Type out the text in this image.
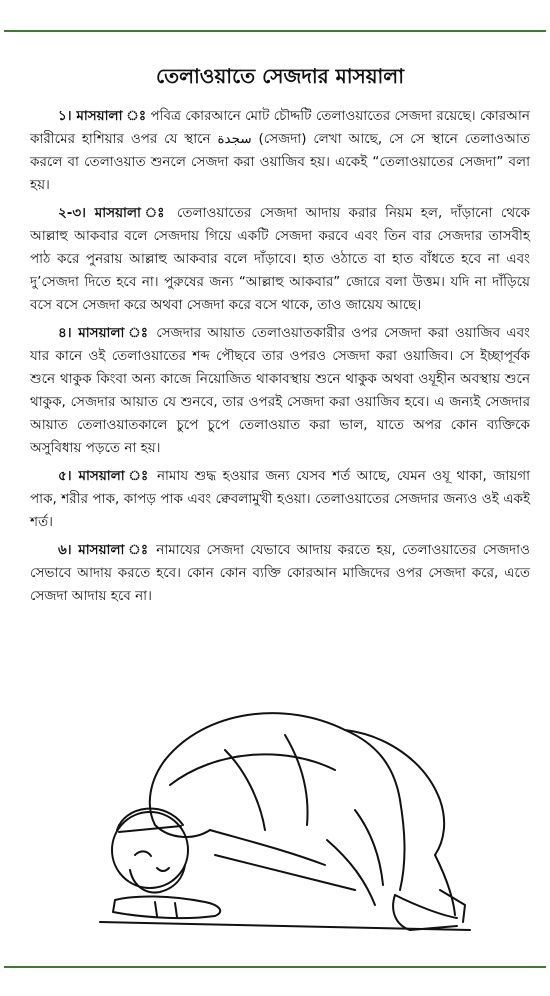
তেলাওয়াতে সেজদার মাসয়ালা

১। মাসয়ালা ঃ পবিত্র কোরআনে মোট চৌদ্দটি তেলাওয়াতের সেজদা রয়েছে। কোরআন কারীমের হাশিয়ার ওপর যে স্থানে سجدة (সেজদা) লেখা আছে, সে সে স্থানে তেলাওআত করলে বা তেলাওয়াত শুনলে সেজদা করা ওয়াজিব হয়। একেই “তেলাওয়াতের সেজদা” বলা হয়।

২-৩। মাসয়ালা ঃ তেলাওয়াতের সেজদা আদায় করার নিয়ম হল, দাঁড়ানো থেকে আল্লাহু আকবার বলে সেজদায় গিয়ে একটি সেজদা করবে এবং তিন বার সেজদার তাসবীহ পাঠ করে পুনরায় আল্লাহু আকবার বলে দাঁড়াবে। হাত ওঠাতে বা হাত বাঁধতে হবে না এবং দু’সেজদা দিতে হবে না। পুরুষের জন্য “আল্লাহু আকবার” জোরে বলা উত্তম। যদি না দাঁড়িয়ে বসে বসে সেজদা করে অথবা সেজদা করে বসে থাকে, তাও জায়েয আছে।

৪। মাসয়ালা ঃ সেজদার আয়াত তেলাওয়াতকারীর ওপর সেজদা করা ওয়াজিব এবং যার কানে ওই তেলাওয়াতের শব্দ পৌছবে তার ওপরও সেজদা করা ওয়াজিব। সে ইচ্ছাপূর্বক শুনে থাকুক কিংবা অন্য কাজে নিয়োজিত থাকাবস্থায় শুনে থাকুক অথবা ওযূহীন অবস্থায় শুনে থাকুক, সেজদার আয়াত যে শুনবে, তার ওপরই সেজদা করা ওয়াজিব হবে। এ জন্যই সেজদার আয়াত তেলাওয়াতকালে চুপে চুপে তেলাওয়াত করা ভাল, যাতে অপর কোন ব্যক্তিকে অসুবিধায় পড়তে না হয়।

৫। মাসয়ালা ঃ নামায শুদ্ধ হওয়ার জন্য যেসব শর্ত আছে, যেমন ওযূ থাকা, জায়গা পাক, শরীর পাক, কাপড় পাক এবং ক্বেবলামুখী হওয়া। তেলাওয়াতের সেজদার জন্যও ওই একই শর্ত।

৬। মাসয়ালা ঃ নামাযের সেজদা যেভাবে আদায় করতে হয়, তেলাওয়াতের সেজদাও সেভাবে আদায় করতে হবে। কোন কোন ব্যক্তি কোরআন মাজিদের ওপর সেজদা করে, এতে সেজদা আদায় হবে না।
